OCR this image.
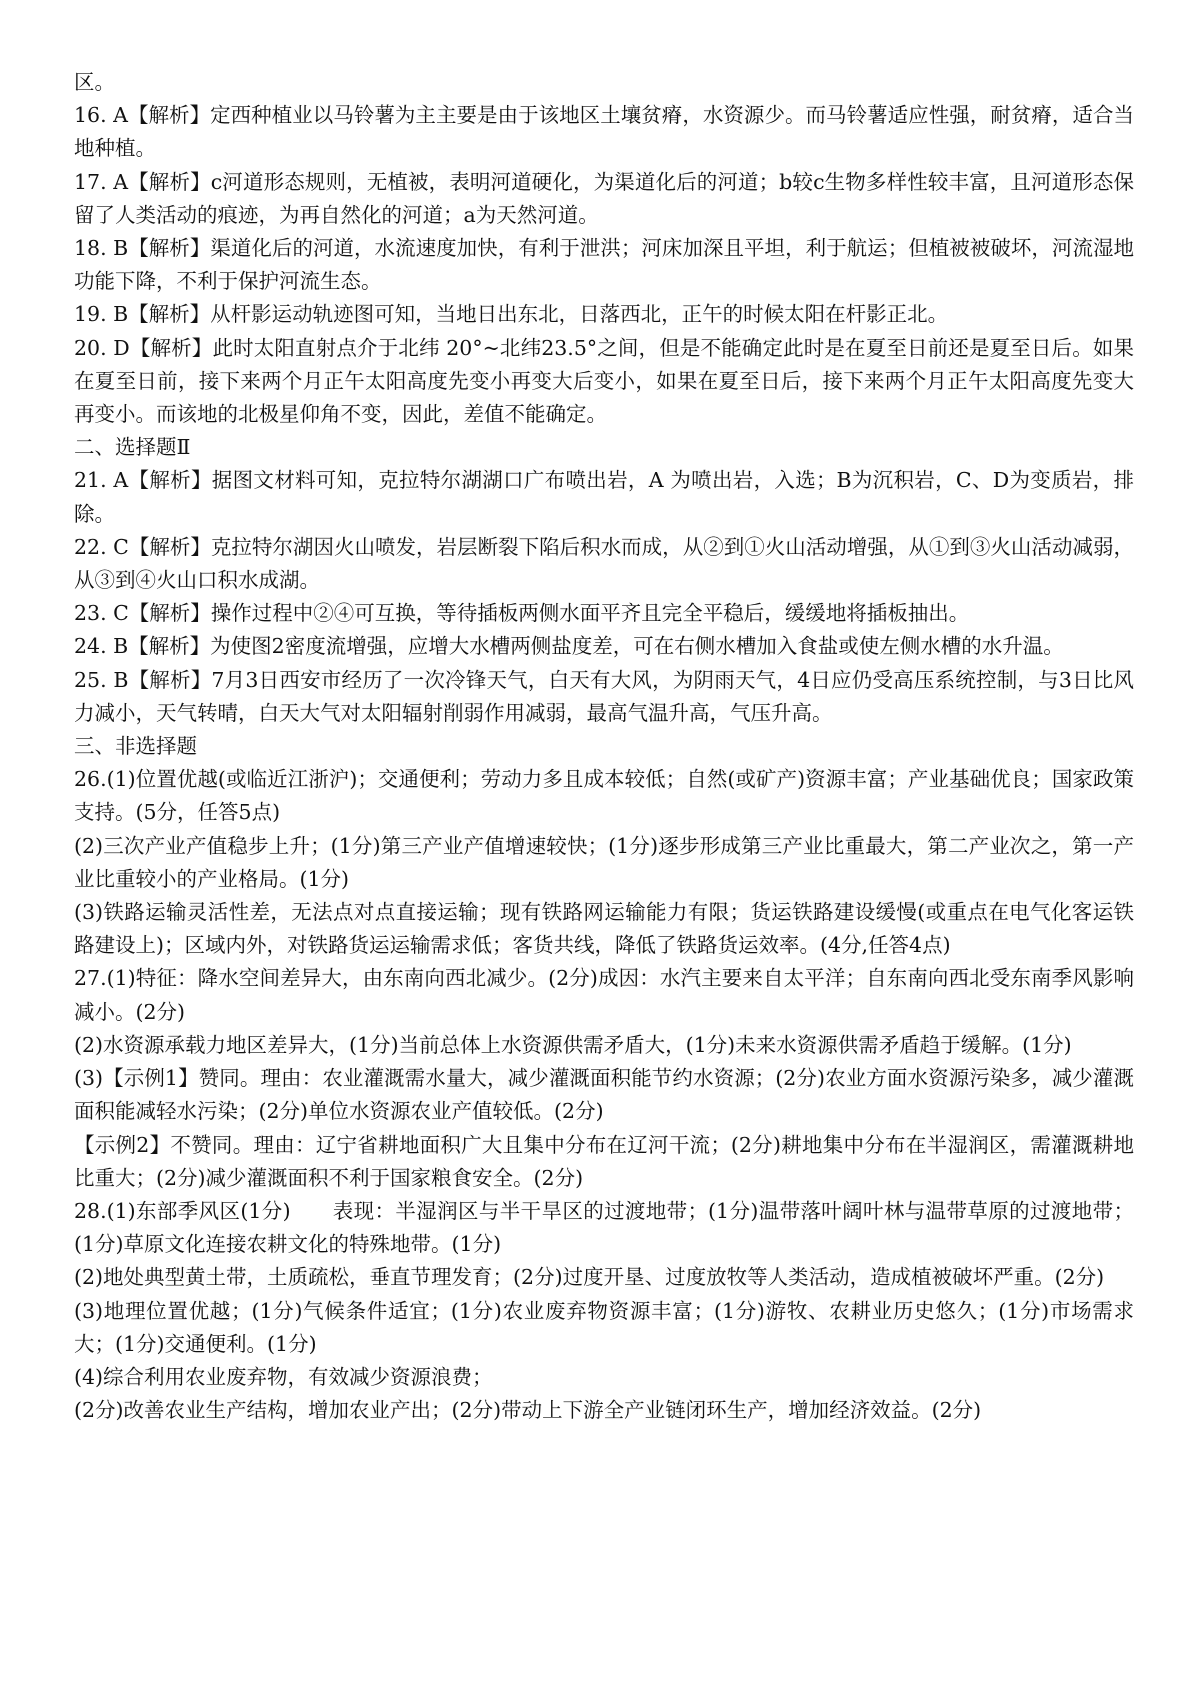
区。

16. A【解析】定西种植业以马铃薯为主主要是由于该地区土壤贫瘠，水资源少。而马铃薯适应性强，耐贫瘠，适合当地种植。

17. A【解析】c河道形态规则，无植被，表明河道硬化，为渠道化后的河道；b较c生物多样性较丰富，且河道形态保留了人类活动的痕迹，为再自然化的河道；a为天然河道。

18. B【解析】渠道化后的河道，水流速度加快，有利于泄洪；河床加深且平坦，利于航运；但植被被破坏，河流湿地功能下降，不利于保护河流生态。

19. B【解析】从杆影运动轨迹图可知，当地日出东北，日落西北，正午的时候太阳在杆影正北。

20. D【解析】此时太阳直射点介于北纬 20°~北纬23.5°之间，但是不能确定此时是在夏至日前还是夏至日后。如果在夏至日前，接下来两个月正午太阳高度先变小再变大后变小，如果在夏至日后，接下来两个月正午太阳高度先变大再变小。而该地的北极星仰角不变，因此，差值不能确定。

二、选择题Ⅱ

21. A【解析】据图文材料可知，克拉特尔湖湖口广布喷出岩，A 为喷出岩，入选；B为沉积岩，C、D为变质岩，排除。

22. C【解析】克拉特尔湖因火山喷发，岩层断裂下陷后积水而成，从②到①火山活动增强，从①到③火山活动减弱，从③到④火山口积水成湖。

23. C【解析】操作过程中②④可互换，等待插板两侧水面平齐且完全平稳后，缓缓地将插板抽出。

24. B【解析】为使图2密度流增强，应增大水槽两侧盐度差，可在右侧水槽加入食盐或使左侧水槽的水升温。

25. B【解析】7月3日西安市经历了一次冷锋天气，白天有大风，为阴雨天气，4日应仍受高压系统控制，与3日比风力减小，天气转晴，白天大气对太阳辐射削弱作用减弱，最高气温升高，气压升高。

三、非选择题

26.(1)位置优越(或临近江浙沪)；交通便利；劳动力多且成本较低；自然(或矿产)资源丰富；产业基础优良；国家政策支持。(5分，任答5点)

(2)三次产业产值稳步上升；(1分)第三产业产值增速较快；(1分)逐步形成第三产业比重最大，第二产业次之，第一产业比重较小的产业格局。(1分)

(3)铁路运输灵活性差，无法点对点直接运输；现有铁路网运输能力有限；货运铁路建设缓慢(或重点在电气化客运铁路建设上)；区域内外，对铁路货运运输需求低；客货共线，降低了铁路货运效率。(4分,任答4点)

27.(1)特征：降水空间差异大，由东南向西北减少。(2分)成因：水汽主要来自太平洋；自东南向西北受东南季风影响减小。(2分)

(2)水资源承载力地区差异大，(1分)当前总体上水资源供需矛盾大，(1分)未来水资源供需矛盾趋于缓解。(1分)

(3)【示例1】赞同。理由：农业灌溉需水量大，减少灌溉面积能节约水资源；(2分)农业方面水资源污染多，减少灌溉面积能减轻水污染；(2分)单位水资源农业产值较低。(2分)

【示例2】不赞同。理由：辽宁省耕地面积广大且集中分布在辽河干流；(2分)耕地集中分布在半湿润区，需灌溉耕地比重大；(2分)减少灌溉面积不利于国家粮食安全。(2分)

28.(1)东部季风区(1分)　　表现：半湿润区与半干旱区的过渡地带；(1分)温带落叶阔叶林与温带草原的过渡地带；(1分)草原文化连接农耕文化的特殊地带。(1分)

(2)地处典型黄土带，土质疏松，垂直节理发育；(2分)过度开垦、过度放牧等人类活动，造成植被破坏严重。(2分)

(3)地理位置优越；(1分)气候条件适宜；(1分)农业废弃物资源丰富；(1分)游牧、农耕业历史悠久；(1分)市场需求大；(1分)交通便利。(1分)

(4)综合利用农业废弃物，有效减少资源浪费；

(2分)改善农业生产结构，增加农业产出；(2分)带动上下游全产业链闭环生产，增加经济效益。(2分)
